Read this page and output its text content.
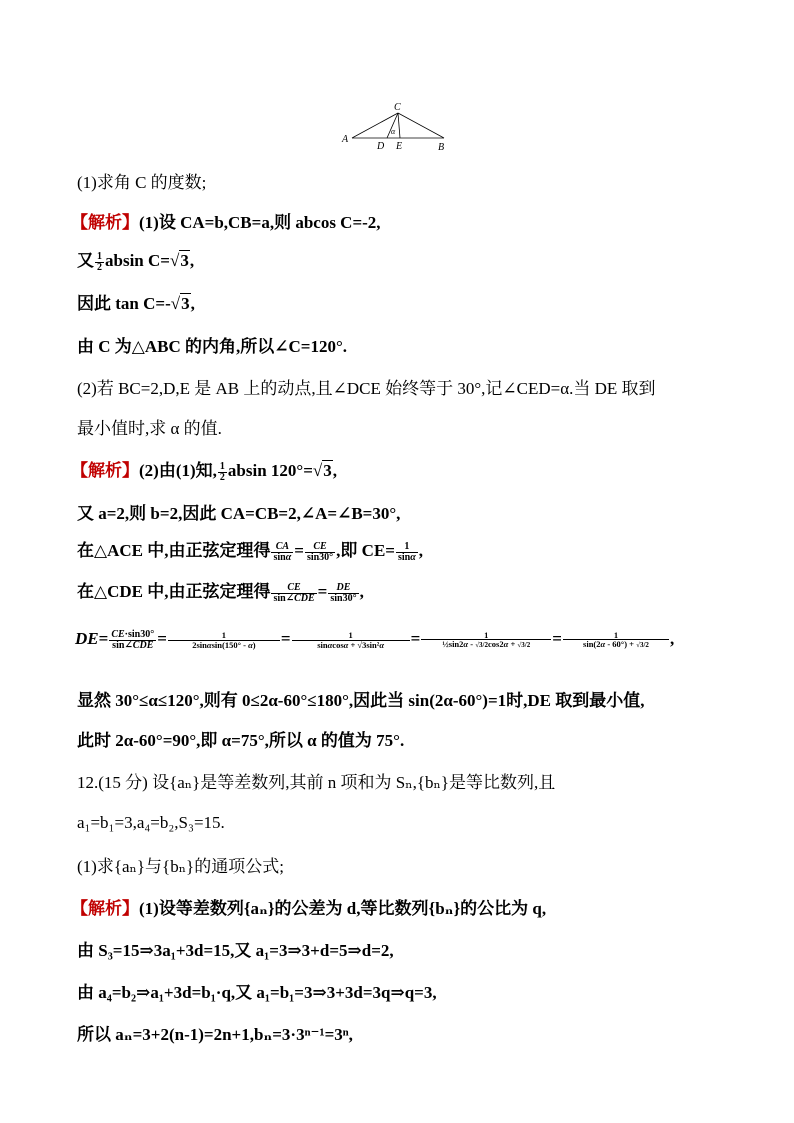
C
A
B
D E
α
(1)求角 C 的度数;
【解析】(1)设 CA=b,CB=a,则 abcos C=-2,
又 $\frac{1}{2}$ absin C=√3,
因此 tan C=-√3,
由 C 为△ABC 的内角,所以∠C=120°.
(2)若 BC=2,D,E 是 AB 上的动点,且∠DCE 始终等于 30°,记∠CED=α.当 DE 取到
最小值时,求 α 的值.
【解析】(2)由(1)知, $\frac{1}{2}$ absin 120°=√3,
又 a=2,则 b=2,因此 CA=CB=2,∠A=∠B=30°,
在△ACE 中,由正弦定理得 $\frac{CA}{\sin\alpha} = \frac{CE}{\sin 30^\circ}$ ,即 $CE= \frac{1}{\sin\alpha}$ ,
在△CDE 中,由正弦定理得 $\frac{CE}{\text{sin∠CDE}} = \frac{DE}{\sin 30^\circ}$ ,
$DE= \frac{CE\cdot\sin 30^\circ}{\text{sin∠CDE}} = \frac{1}{2\sin\alpha\sin(150^\circ - \alpha)} = \frac{1}{\text{sinαcosα + √3sin²α}} = \frac{1}{\text{½sin2α - √3/2cos2α + √3/2}} = \frac{1}{\sin(2\alpha - 60^\circ) + √3/2}$ ,
显然 30°≤α≤120°,则有 0≤2α-60°≤180°,因此当 sin(2α-60°)=1时,DE 取到最小值,
此时 2α-60°=90°,即 α=75°,所以 α 的值为 75°.
12.(15 分) 设{aₙ}是等差数列,其前 n 项和为 Sₙ,{bₙ}是等比数列,且
a₁=b₁=3,a₄=b₂,S₃=15.
(1)求{aₙ}与{bₙ}的通项公式;
【解析】(1)设等差数列{aₙ}的公差为 d,等比数列{bₙ}的公比为 q,
由 S₃=15⇒3a₁+3d=15,又 a₁=3⇒3+d=5⇒d=2,
由 a₄=b₂⇒a₁+3d=b₁·q,又 a₁=b₁=3⇒3+3d=3q⇒q=3,
所以 aₙ=3+2(n-1)=2n+1,bₙ=3·3ⁿ⁻¹=3ⁿ,
